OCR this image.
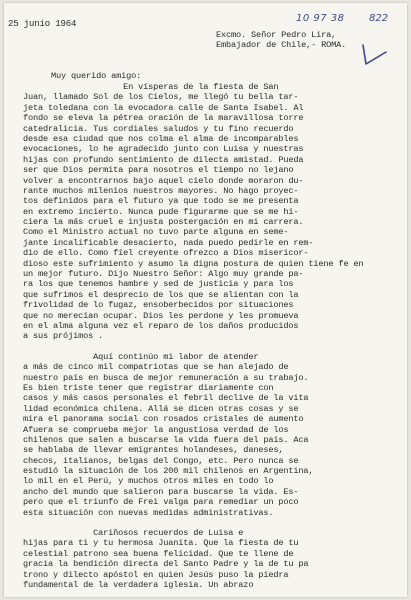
25 junio 1964	10 97 38 822
Excmo. Señor Pedro Lira,
Embajador de Chile,- ROMA.
Muy querido amigo:

En vísperas de la fiesta de San
Juan, llamado Sol de los Cielos, me llegó tu bella tar-
jeta toledana con la evocadora calle de Santa Isabel. Al
fondo se eleva la pétrea oración de la maravillosa torre
catedralicia. Tus cordiales saludos y tu fino recuerdo
desde esa ciudad que nos colma el alma de incomparables
evocaciones, lo he agradecido junto con Luisa y nuestras
hijas con profundo sentimiento de dilecta amistad. Pueda
ser que Dios permita para nosotros el tiempo no lejano
volver a encontrarnos bajo aquel cielo donde moraron du-
rante muchos milenios nuestros mayores. No hago proyec-
tos definidos para el futuro ya que todo se me presenta
en extremo incierto. Nunca pude figurarme que se me hi-
ciera la más cruel e injusta postergación en mi carrera.
Como el Ministro actual no tuvo parte alguna en seme-
jante incalificable desacierto, nada puedo pedirle en rem-
dio de ello. Como fiel creyente ofrezco a Dios misericor-
dioso este sufrimiento y asumo la digna postura de quien tiene fe en
un mejor futuro. Dijo Nuestro Señor: Algo muy grande pa-
ra los que tenemos hambre y sed de justicia y para los
que sufrimos el desprecio de los que se alientan con la
frivolidad de lo fugaz, ensoberbecidos por situaciones
que no merecían ocupar. Dios les perdone y les promueva
en el alma alguna vez el reparo de los daños producidos
a sus prójimos .

Aquí continúo mi labor de atender
a más de cinco mil compatriotas que se han alejado de
nuestro país en busca de mejor remuneración a su trabajo.
Es bien triste tener que registrar diariamente con
casos y más casos personales el febril declive de la vita
lidad económica chilena. Allá se dicen otras cosas y se
mira el panorama social con rosados cristales de aumento
Afuera se comprueba mejor la angustiosa verdad de los
chilenos que salen a buscarse la vida fuera del país. Aca
se hablaba de llevar emigrantes holandeses, daneses,
checos, italianos, belgas del Congo, etc. Pero nunca se
estudió la situación de los 200 mil chilenos en Argentina,
lo mil en el Perú, y muchos otros miles en todo lo
ancho del mundo que salieron para buscarse la vida. Es-
pero que el triunfo de Frei valga para remediar un poco
esta situación con nuevas medidas administrativas.

Cariñosos recuerdos de Luisa e
hijas para ti y tu hermosa Juanita. Que la fiesta de tu
celestial patrono sea buena felicidad. Que te llene de
gracia la bendición directa del Santo Padre y la de tu pa
trono y dilecto apóstol en quien Jesús puso la piedra
fundamental de la verdadera iglesia. Un abrazo
